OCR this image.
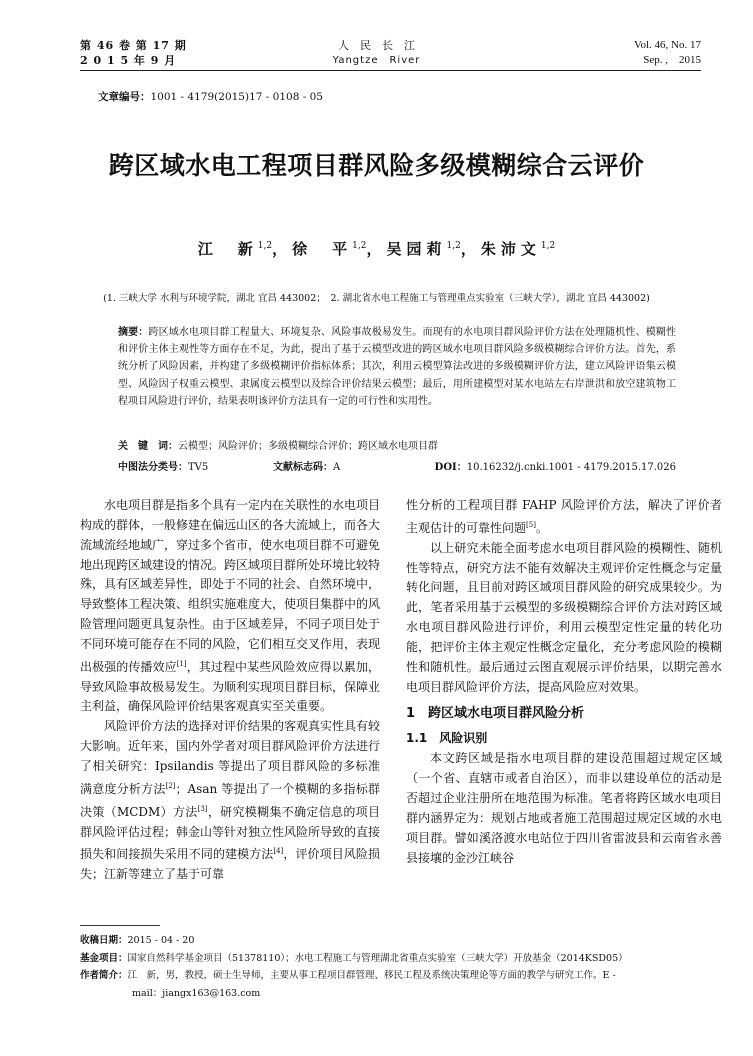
第 46 卷 第 17 期
2 0 1 5 年 9 月
人　民　长　江
Yangtze　River
Vol. 46, No. 17
Sep. ,　2015
文章编号：1001 - 4179(2015)17 - 0108 - 05
跨区域水电工程项目群风险多级模糊综合云评价
江　新$^{1,2}$，徐　平$^{1,2}$，吴园莉$^{1,2}$，朱沛文$^{1,2}$
(1. 三峡大学 水利与环境学院，湖北 宜昌 443002；　2. 湖北省水电工程施工与管理重点实验室（三峡大学），湖北 宜昌 443002)
摘要：跨区域水电项目群工程量大、环境复杂、风险事故极易发生。而现有的水电项目群风险评价方法在处理随机性、模糊性和评价主体主观性等方面存在不足，为此，提出了基于云模型改进的跨区域水电项目群风险多级模糊综合评价方法。首先，系统分析了风险因素，并构建了多级模糊评价指标体系；其次，利用云模型算法改进的多级模糊评价方法，建立风险评语集云模型、风险因子权重云模型、隶属度云模型以及综合评价结果云模型；最后，用所建模型对某水电站左右岸泄洪和放空建筑物工程项目风险进行评价，结果表明该评价方法具有一定的可行性和实用性。
关　键　词：云模型；风险评价；多级模糊综合评价；跨区域水电项目群
中图法分类号：TV5	文献标志码：A	DOI：10.16232/j.cnki.1001 - 4179.2015.17.026

水电项目群是指多个具有一定内在关联性的水电项目构成的群体，一般修建在偏远山区的各大流域上，而各大流域流经地域广，穿过多个省市，使水电项目群不可避免地出现跨区域建设的情况。跨区域项目群所处环境比较特殊，具有区域差异性，即处于不同的社会、自然环境中，导致整体工程决策、组织实施难度大，使项目集群中的风险管理问题更具复杂性。由于区域差异，不同子项目处于不同环境可能存在不同的风险，它们相互交叉作用，表现出极强的传播效应[1]，其过程中某些风险效应得以累加，导致风险事故极易发生。为顺利实现项目群目标，保障业主利益，确保风险评价结果客观真实至关重要。

风险评价方法的选择对评价结果的客观真实性具有较大影响。近年来，国内外学者对项目群风险评价方法进行了相关研究：Ipsilandis 等提出了项目群风险的多标准满意度分析方法[2]；Asan 等提出了一个模糊的多指标群决策（MCDM）方法[3]，研究模糊集不确定信息的项目群风险评估过程；韩金山等针对独立性风险所导致的直接损失和间接损失采用不同的建模方法[4]，评价项目风险损失；江新等建立了基于可靠

性分析的工程项目群 FAHP 风险评价方法，解决了评价者主观估计的可靠性问题[5]。

以上研究未能全面考虑水电项目群风险的模糊性、随机性等特点，研究方法不能有效解决主观评价定性概念与定量转化问题，且目前对跨区域项目群风险的研究成果较少。为此，笔者采用基于云模型的多级模糊综合评价方法对跨区域水电项目群风险进行评价，利用云模型定性定量的转化功能，把评价主体主观定性概念定量化，充分考虑风险的模糊性和随机性。最后通过云图直观展示评价结果，以期完善水电项目群风险评价方法，提高风险应对效果。

1　跨区域水电项目群风险分析
1.1　风险识别

本文跨区域是指水电项目群的建设范围超过规定区域（一个省、直辖市或者自治区），而非以建设单位的活动是否超过企业注册所在地范围为标准。笔者将跨区域水电项目群内涵界定为：规划占地或者施工范围超过规定区域的水电项目群。譬如溪洛渡水电站位于四川省雷波县和云南省永善县接壤的金沙江峡谷

收稿日期：2015 - 04 - 20
基金项目：国家自然科学基金项目（51378110）；水电工程施工与管理湖北省重点实验室（三峡大学）开放基金（2014KSD05）
作者简介：江　新，男，教授，硕士生导师，主要从事工程项目群管理、移民工程及系统决策理论等方面的教学与研究工作。E -
mail：jiangx163@163.com
